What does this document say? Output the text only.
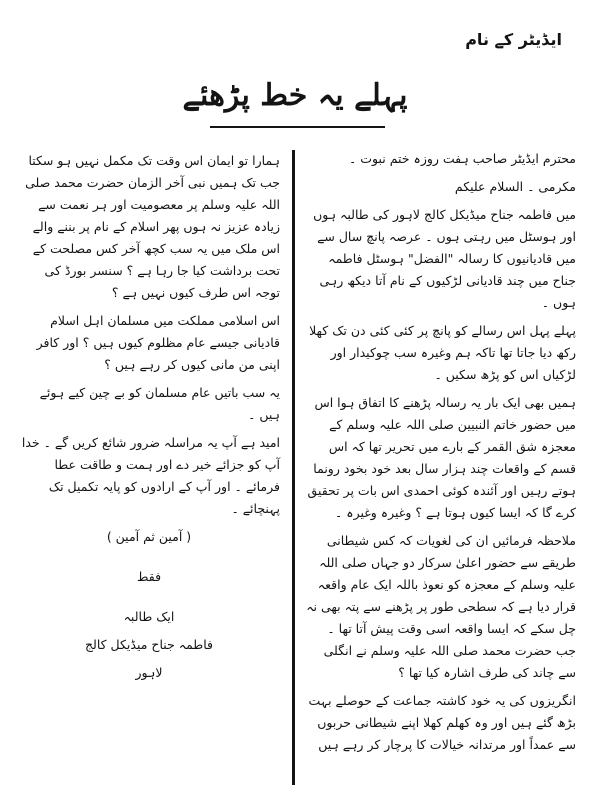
ایڈیٹر کے نام
پہلے یہ خط پڑھئے

محترم ایڈیٹر صاحب ہفت روزہ ختم نبوت ۔

مکرمی ۔ السلام علیکم

میں فاطمہ جناح میڈیکل کالج لاہور کی طالبہ ہوں اور ہوسٹل میں رہتی ہوں ۔ عرصہ پانچ سال سے میں قادیانیوں کا رسالہ "الفضل" ہوسٹل فاطمہ جناح میں چند قادیانی لڑکیوں کے نام آتا دیکھ رہی ہوں ۔

پہلے پہل اس رسالے کو پانچ پر کئی کئی دن تک کھلا رکھ دیا جاتا تھا تاکہ ہم وغیرہ سب چوکیدار اور لڑکیاں اس کو پڑھ سکیں ۔

ہمیں بھی ایک بار یہ رسالہ پڑھنے کا اتفاق ہوا اس میں حضور خاتم النبیین صلی اللہ علیہ وسلم کے معجزہ شق القمر کے بارے میں تحریر تھا کہ اس قسم کے واقعات چند ہزار سال بعد خود بخود رونما ہوتے رہیں اور آئندہ کوئی احمدی اس بات پر تحقیق کرے گا کہ ایسا کیوں ہوتا ہے ؟ وغیرہ وغیرہ ۔

ملاحظہ فرمائیں ان کی لغویات کہ کس شیطانی طریقے سے حضور اعلیٰ سرکار دو جہاں صلی اللہ علیہ وسلم کے معجزہ کو نعوذ باللہ ایک عام واقعہ قرار دیا ہے کہ سطحی طور پر پڑھنے سے پتہ بھی نہ چل سکے کہ ایسا واقعہ اسی وقت پیش آتا تھا ۔ جب حضرت محمد صلی اللہ علیہ وسلم نے انگلی سے چاند کی طرف اشارہ کیا تھا ؟

انگریزوں کی یہ خود کاشتہ جماعت کے حوصلے بہت بڑھ گئے ہیں اور وہ کھلم کھلا اپنے شیطانی حربوں سے عمداً اور مرتدانہ خیالات کا پرچار کر رہے ہیں

ہمارا تو ایمان اس وقت تک مکمل نہیں ہو سکتا جب تک ہمیں نبی آخر الزمان حضرت محمد صلی اللہ علیہ وسلم پر معصومیت اور ہر نعمت سے زیادہ عزیز نہ ہوں پھر اسلام کے نام پر بننے والے اس ملک میں یہ سب کچھ آخر کس مصلحت کے تحت برداشت کیا جا رہا ہے ؟ سنسر بورڈ کی توجہ اس طرف کیوں نہیں ہے ؟

اس اسلامی مملکت میں مسلمان اہل اسلام قادیانی جیسے عام مظلوم کیوں ہیں ؟ اور کافر اپنی من مانی کیوں کر رہے ہیں ؟

یہ سب باتیں عام مسلمان کو بے چین کیے ہوئے ہیں ۔

امید ہے آپ یہ مراسلہ ضرور شائع کریں گے ۔ خدا آپ کو جزائے خیر دے اور ہمت و طاقت عطا فرمائے ۔ اور آپ کے ارادوں کو پایہ تکمیل تک پہنچائے ۔

( آمین ثم آمین )

فقط

ایک طالبہ

فاطمہ جناح میڈیکل کالج

لاہور
